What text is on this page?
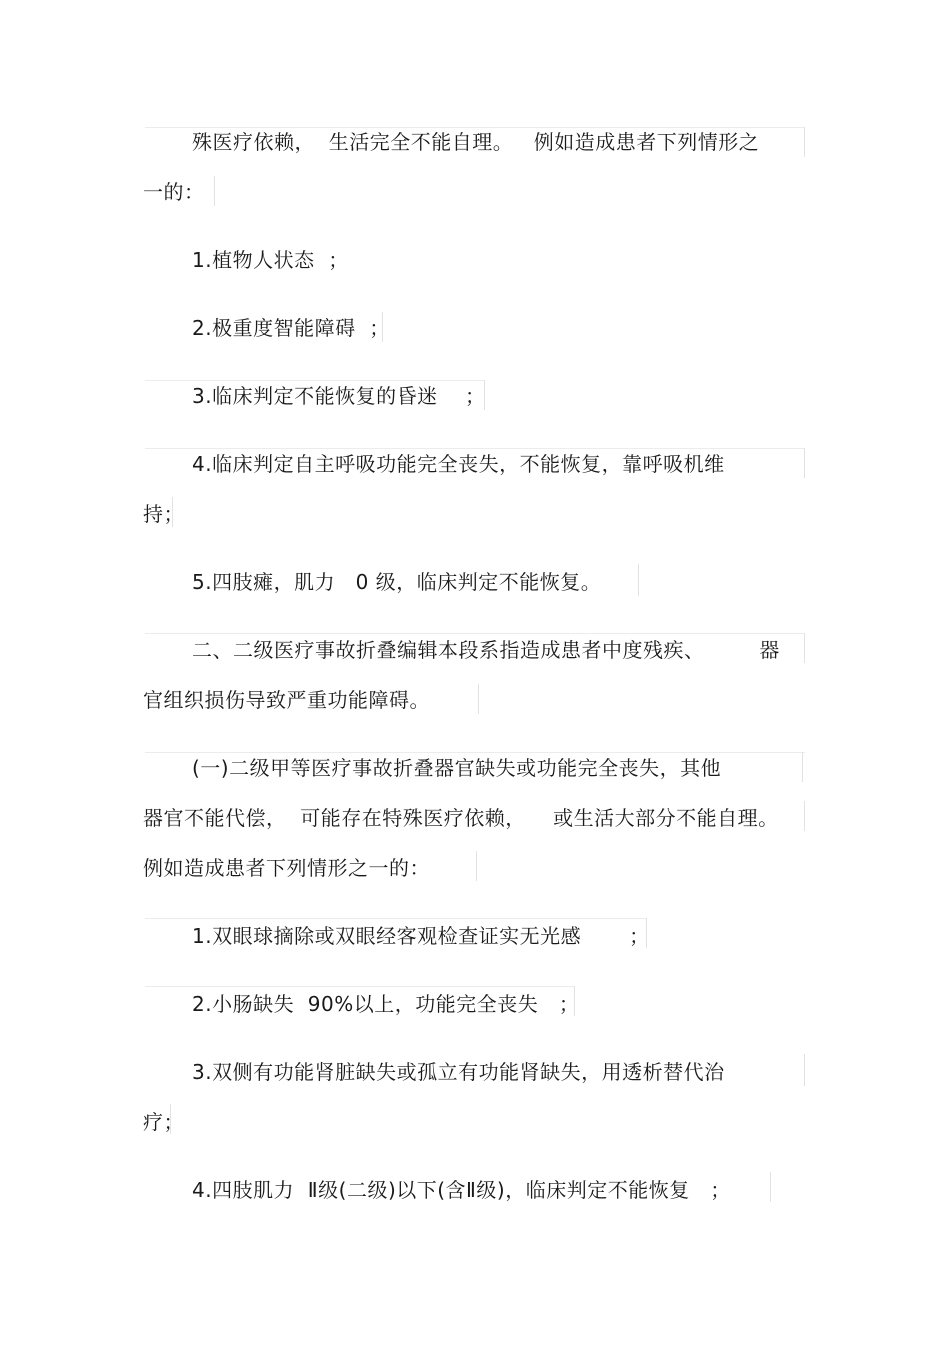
殊医疗依赖，  生活完全不能自理。   例如造成患者下列情形之
一的：
1.植物人状态  ；
2.极重度智能障碍  ；
3.临床判定不能恢复的昏迷    ；
4.临床判定自主呼吸功能完全丧失，不能恢复，靠呼吸机维
持；
5.四肢瘫，肌力   0 级，临床判定不能恢复。
二、二级医疗事故折叠编辑本段系指造成患者中度残疾、        器
官组织损伤导致严重功能障碍。
(一)二级甲等医疗事故折叠器官缺失或功能完全丧失，其他
器官不能代偿，  可能存在特殊医疗依赖，    或生活大部分不能自理。
例如造成患者下列情形之一的：
1.双眼球摘除或双眼经客观检查证实无光感       ；
2.小肠缺失  90%以上，功能完全丧失   ；
3.双侧有功能肾脏缺失或孤立有功能肾缺失，用透析替代治
疗；
4.四肢肌力  Ⅱ级(二级)以下(含Ⅱ级)，临床判定不能恢复   ；
